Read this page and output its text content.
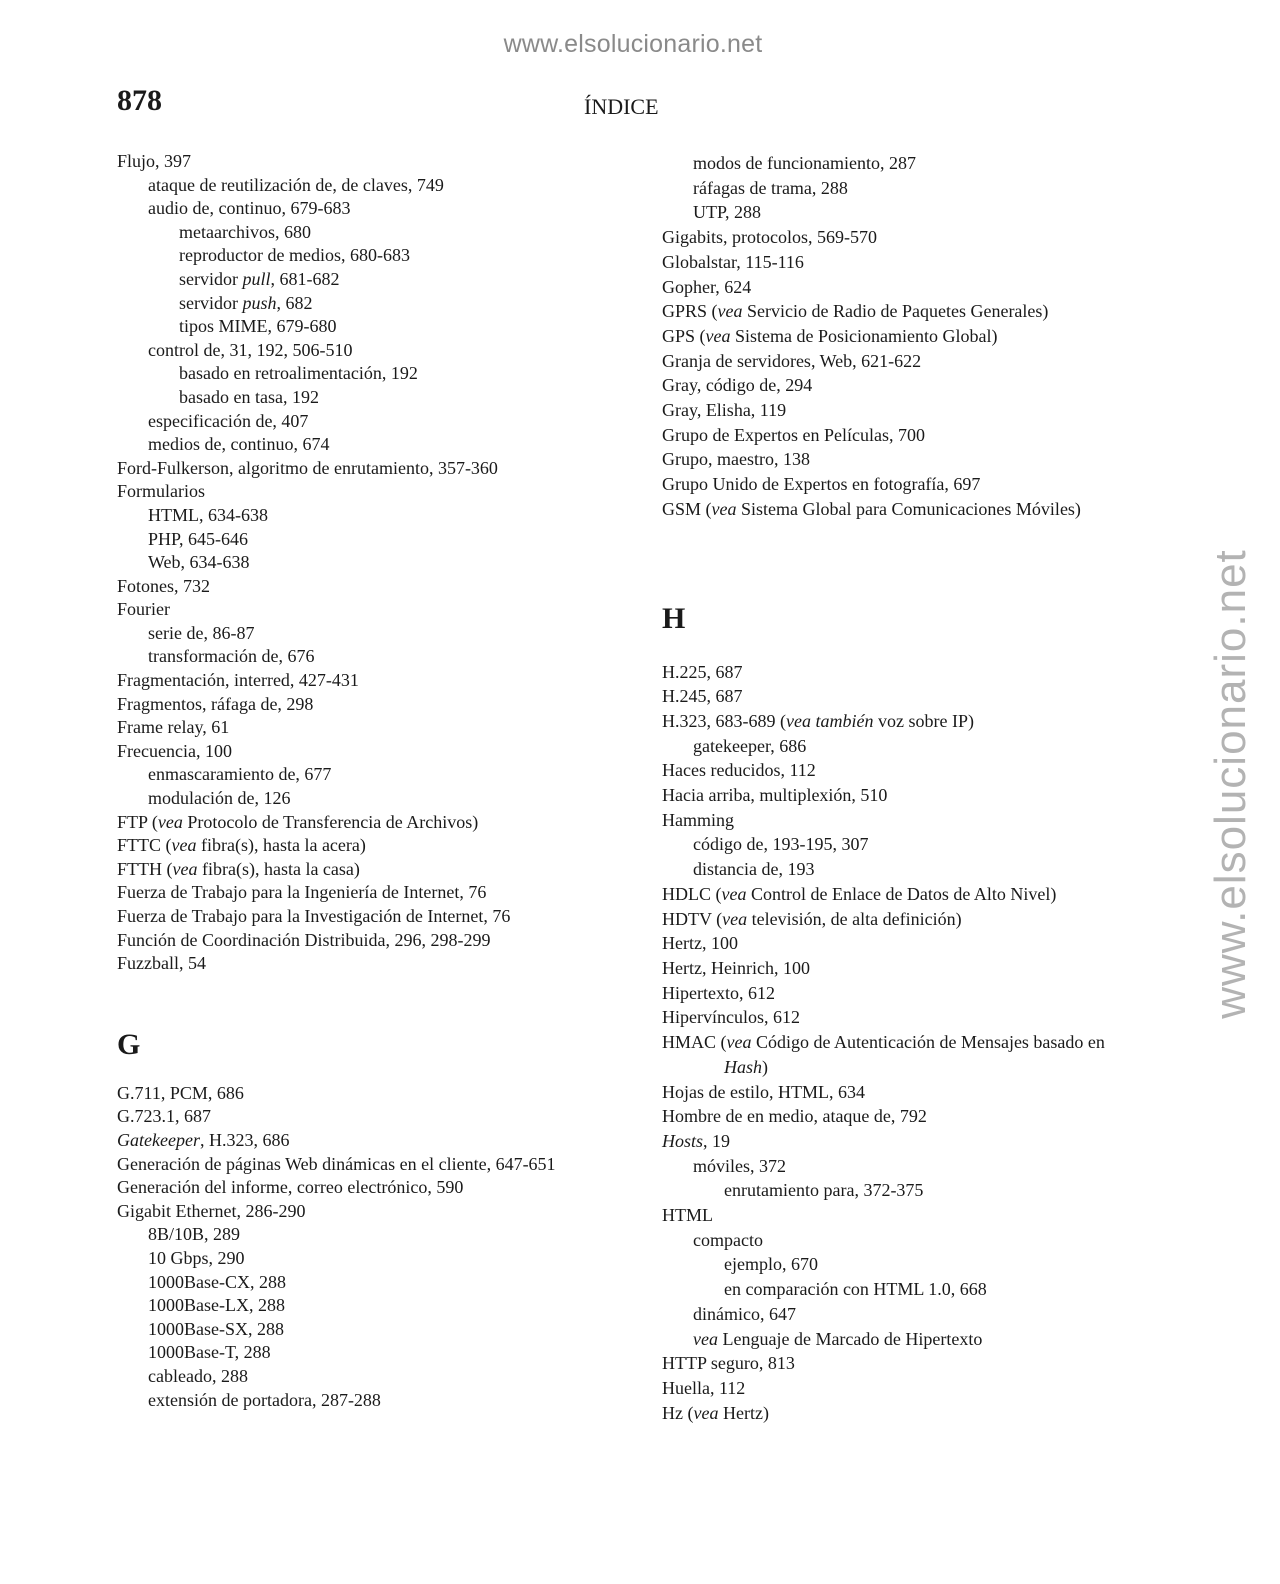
www.elsolucionario.net
www.elsolucionario.net
878	ÍNDICE
Flujo, 397
ataque de reutilización de, de claves, 749
audio de, continuo, 679-683
metaarchivos, 680
reproductor de medios, 680-683
servidor pull, 681-682
servidor push, 682
tipos MIME, 679-680
control de, 31, 192, 506-510
basado en retroalimentación, 192
basado en tasa, 192
especificación de, 407
medios de, continuo, 674
Ford-Fulkerson, algoritmo de enrutamiento, 357-360
Formularios
HTML, 634-638
PHP, 645-646
Web, 634-638
Fotones, 732
Fourier
serie de, 86-87
transformación de, 676
Fragmentación, interred, 427-431
Fragmentos, ráfaga de, 298
Frame relay, 61
Frecuencia, 100
enmascaramiento de, 677
modulación de, 126
FTP (vea Protocolo de Transferencia de Archivos)
FTTC (vea fibra(s), hasta la acera)
FTTH (vea fibra(s), hasta la casa)
Fuerza de Trabajo para la Ingeniería de Internet, 76
Fuerza de Trabajo para la Investigación de Internet, 76
Función de Coordinación Distribuida, 296, 298-299
Fuzzball, 54
G
G.711, PCM, 686
G.723.1, 687
Gatekeeper, H.323, 686
Generación de páginas Web dinámicas en el cliente, 647-651
Generación del informe, correo electrónico, 590
Gigabit Ethernet, 286-290
8B/10B, 289
10 Gbps, 290
1000Base-CX, 288
1000Base-LX, 288
1000Base-SX, 288
1000Base-T, 288
cableado, 288
extensión de portadora, 287-288
modos de funcionamiento, 287
ráfagas de trama, 288
UTP, 288
Gigabits, protocolos, 569-570
Globalstar, 115-116
Gopher, 624
GPRS (vea Servicio de Radio de Paquetes Generales)
GPS (vea Sistema de Posicionamiento Global)
Granja de servidores, Web, 621-622
Gray, código de, 294
Gray, Elisha, 119
Grupo de Expertos en Películas, 700
Grupo, maestro, 138
Grupo Unido de Expertos en fotografía, 697
GSM (vea Sistema Global para Comunicaciones Móviles)
H
H.225, 687
H.245, 687
H.323, 683-689 (vea también voz sobre IP)
gatekeeper, 686
Haces reducidos, 112
Hacia arriba, multiplexión, 510
Hamming
código de, 193-195, 307
distancia de, 193
HDLC (vea Control de Enlace de Datos de Alto Nivel)
HDTV (vea televisión, de alta definición)
Hertz, 100
Hertz, Heinrich, 100
Hipertexto, 612
Hipervínculos, 612
HMAC (vea Código de Autenticación de Mensajes basado en
Hash)
Hojas de estilo, HTML, 634
Hombre de en medio, ataque de, 792
Hosts, 19
móviles, 372
enrutamiento para, 372-375
HTML
compacto
ejemplo, 670
en comparación con HTML 1.0, 668
dinámico, 647
vea Lenguaje de Marcado de Hipertexto
HTTP seguro, 813
Huella, 112
Hz (vea Hertz)
